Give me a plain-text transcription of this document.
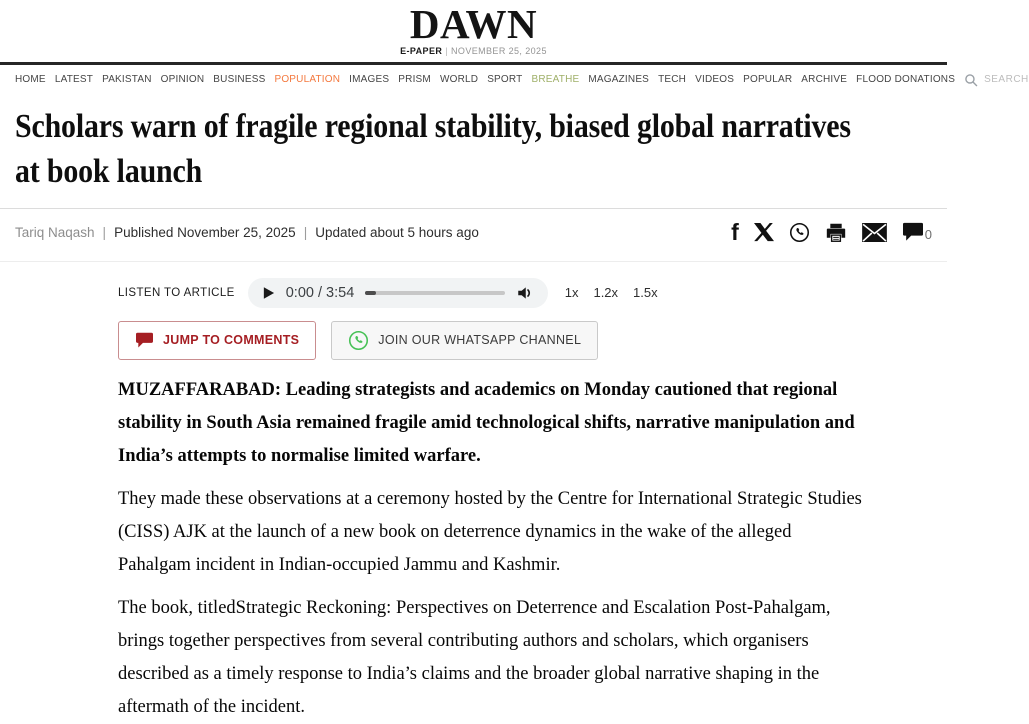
DAWN
E-PAPER | NOVEMBER 25, 2025
HOME LATEST PAKISTAN OPINION BUSINESS POPULATION IMAGES PRISM WORLD SPORT BREATHE MAGAZINES TECH VIDEOS POPULAR ARCHIVE FLOOD DONATIONS	SEARCH
Scholars warn of fragile regional stability, biased global narratives
at book launch
Tariq Naqash | Published November 25, 2025 | Updated about 5 hours ago	f	0
LISTEN TO ARTICLE	0:00 / 3:54	1x 1.2x 1.5x
JUMP TO COMMENTS	JOIN OUR WHATSAPP CHANNEL

MUZAFFARABAD: Leading strategists and academics on Monday cautioned that regional stability in South Asia remained fragile amid technological shifts, narrative manipulation and India’s attempts to normalise limited warfare.

They made these observations at a ceremony hosted by the Centre for International Strategic Studies (CISS) AJK at the launch of a new book on deterrence dynamics in the wake of the alleged Pahalgam incident in Indian-occupied Jammu and Kashmir.

The book, titledStrategic Reckoning: Perspectives on Deterrence and Escalation Post-Pahalgam, brings together perspectives from several contributing authors and scholars, which organisers described as a timely response to India’s claims and the broader global narrative shaping in the aftermath of the incident.
